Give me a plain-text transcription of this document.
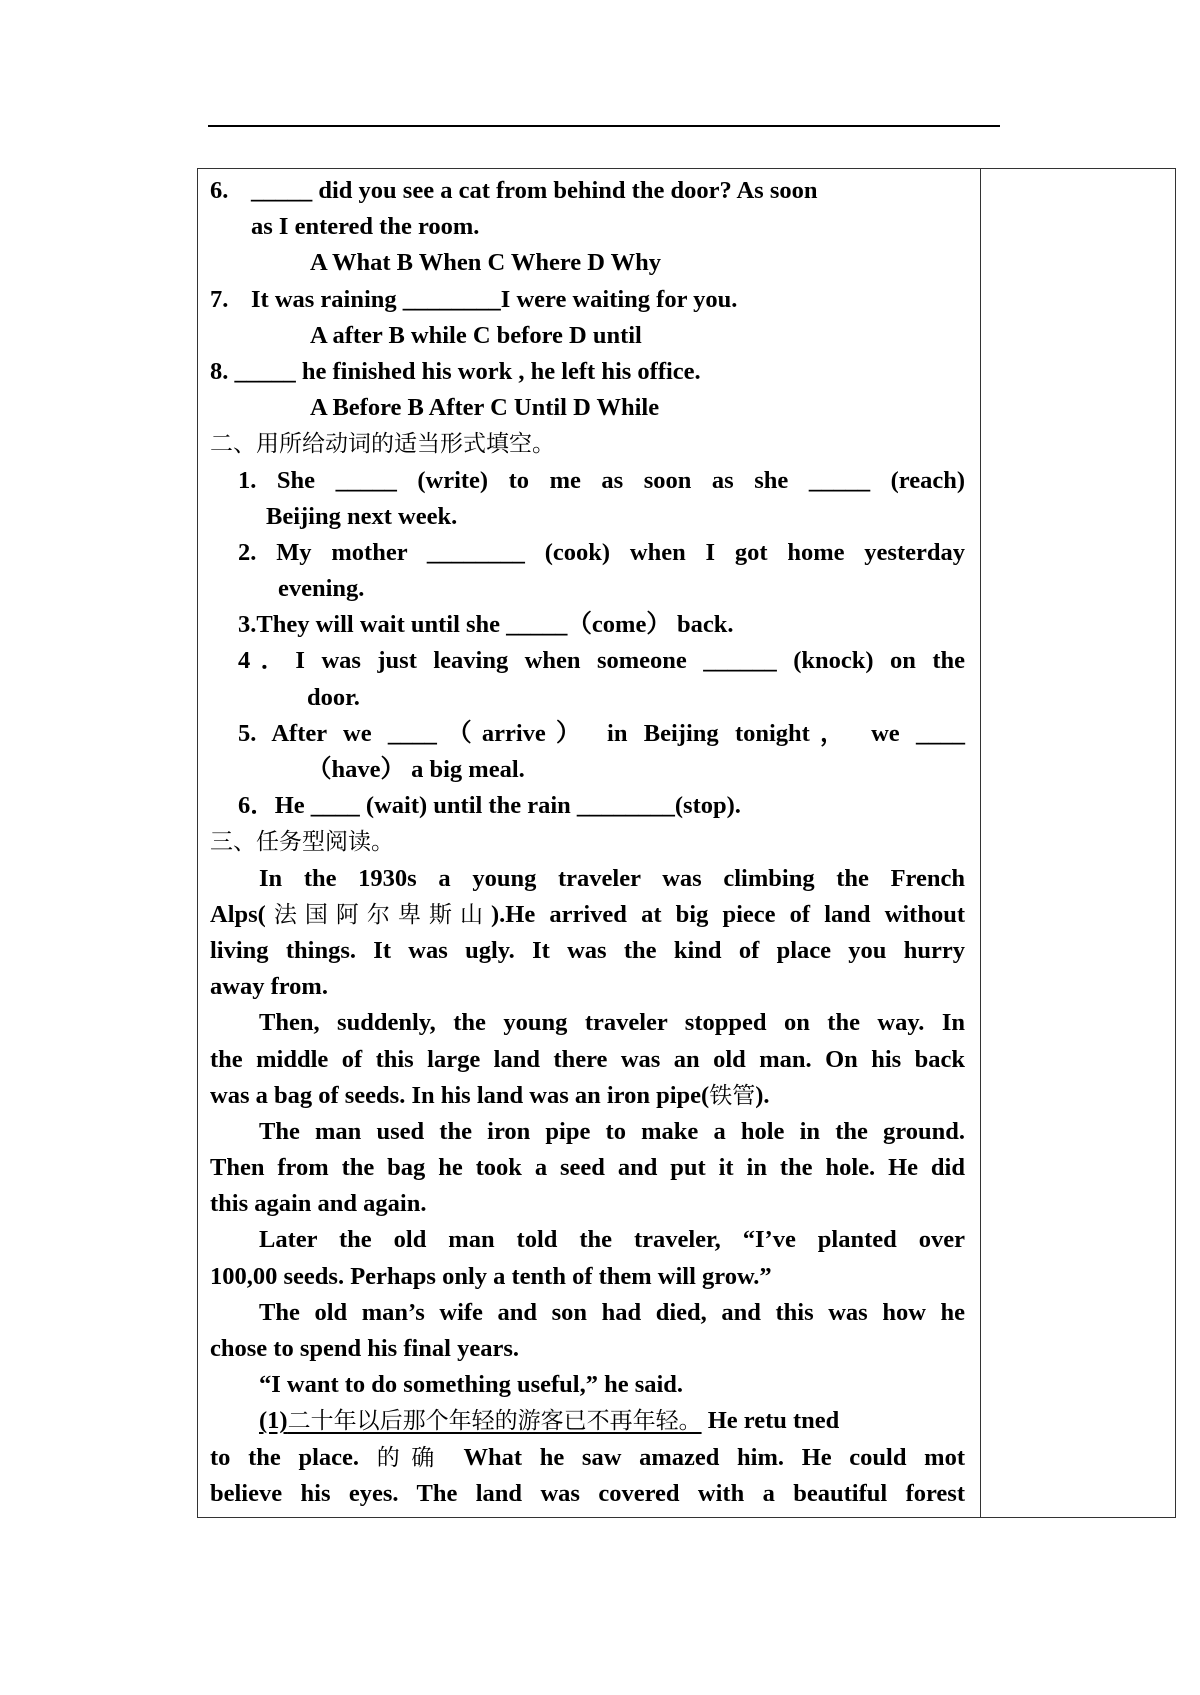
6. _____ did you see a cat from behind the door? As soon
as I entered the room.
A What B When C Where D Why
7. It was raining ________I were waiting for you.
A after B while C before D until
8. _____ he finished his work , he left his office.
A Before B After C Until D While
二、用所给动词的适当形式填空。
1. She _____ (write) to me as soon as she _____ (reach)
Beijing next week.
2. My mother ________ (cook) when I got home yesterday
evening.
3.They will wait until she _____（come） back.
4．I was just leaving when someone ______ (knock) on the
door.
5. After we ____（arrive） in Beijing tonight， we ____
（have） a big meal.
6．He ____ (wait) until the rain ________(stop).
三、任务型阅读。
In the 1930s a young traveler was climbing the French
Alps(法国阿尔卑斯山).He arrived at big piece of land without
living things. It was ugly. It was the kind of place you hurry
away from.
Then, suddenly, the young traveler stopped on the way. In
the middle of this large land there was an old man. On his back
was a bag of seeds. In his land was an iron pipe(铁管).
The man used the iron pipe to make a hole in the ground.
Then from the bag he took a seed and put it in the hole. He did
this again and again.
Later the old man told the traveler, “I’ve planted over
100,00 seeds. Perhaps only a tenth of them will grow.”
The old man’s wife and son had died, and this was how he
chose to spend his final years.
“I want to do something useful,” he said.
(1)二十年以后那个年轻的游客已不再年轻。 He retu tned
to the place. 的确 What he saw amazed him. He could mot
believe his eyes. The land was covered with a beautiful forest
